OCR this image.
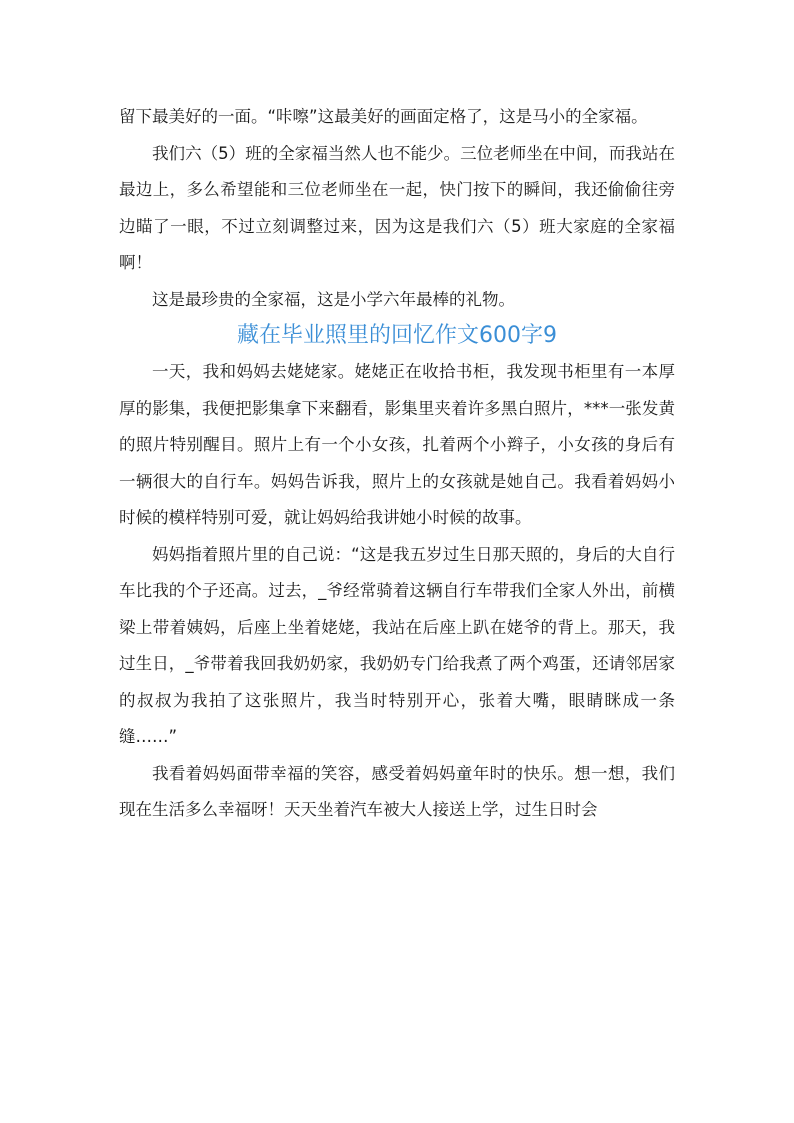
留下最美好的一面。“咔嚓”这最美好的画面定格了，这是马小的全家福。

我们六（5）班的全家福当然人也不能少。三位老师坐在中间，而我站在最边上，多么希望能和三位老师坐在一起，快门按下的瞬间，我还偷偷往旁边瞄了一眼，不过立刻调整过来，因为这是我们六（5）班大家庭的全家福啊！

这是最珍贵的全家福，这是小学六年最棒的礼物。

藏在毕业照里的回忆作文600字9

一天，我和妈妈去姥姥家。姥姥正在收拾书柜，我发现书柜里有一本厚厚的影集，我便把影集拿下来翻看，影集里夹着许多黑白照片，***一张发黄的照片特别醒目。照片上有一个小女孩，扎着两个小辫子，小女孩的身后有一辆很大的自行车。妈妈告诉我，照片上的女孩就是她自己。我看着妈妈小时候的模样特别可爱，就让妈妈给我讲她小时候的故事。

妈妈指着照片里的自己说：“这是我五岁过生日那天照的，身后的大自行车比我的个子还高。过去，_爷经常骑着这辆自行车带我们全家人外出，前横梁上带着姨妈，后座上坐着姥姥，我站在后座上趴在姥爷的背上。那天，我过生日，_爷带着我回我奶奶家，我奶奶专门给我煮了两个鸡蛋，还请邻居家的叔叔为我拍了这张照片，我当时特别开心，张着大嘴，眼睛眯成一条缝……”

我看着妈妈面带幸福的笑容，感受着妈妈童年时的快乐。想一想，我们现在生活多么幸福呀！天天坐着汽车被大人接送上学，过生日时会
